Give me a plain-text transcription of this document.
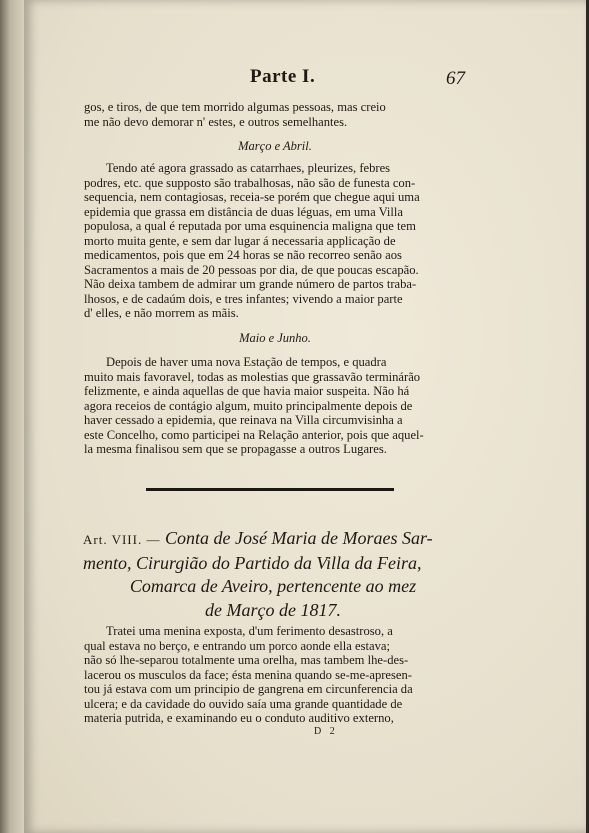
Parte I.	67

gos, e tiros, de que tem morrido algumas pessoas, mas creio

me não devo demorar n' estes, e outros semelhantes.

Março e Abril.

Tendo até agora grassado as catarrhaes, pleurizes, febres

podres, etc. que supposto são trabalhosas, não são de funesta con-

sequencia, nem contagiosas, receia-se porém que chegue aqui uma

epidemia que grassa em distância de duas léguas, em uma Villa

populosa, a qual é reputada por uma esquinencia maligna que tem

morto muita gente, e sem dar lugar á necessaria applicação de

medicamentos, pois que em 24 horas se não recorreo senão aos

Sacramentos a mais de 20 pessoas por dia, de que poucas escapão.

Não deixa tambem de admirar um grande número de partos traba-

lhosos, e de cadaúm dois, e tres infantes; vivendo a maior parte

d' elles, e não morrem as mãis.

Maio e Junho.

Depois de haver uma nova Estação de tempos, e quadra

muito mais favoravel, todas as molestias que grassavão terminárão

felizmente, e ainda aquellas de que havia maior suspeita. Não há

agora receios de contágio algum, muito principalmente depois de

haver cessado a epidemia, que reinava na Villa circumvisinha a

este Concelho, como participei na Relação anterior, pois que aquel-

la mesma finalisou sem que se propagasse a outros Lugares.

Art. VIII. — Conta de José Maria de Moraes Sar-
mento, Cirurgião do Partido da Villa da Feira,
Comarca de Aveiro, pertencente ao mez
de Março de 1817.

Tratei uma menina exposta, d'um ferimento desastroso, a

qual estava no berço, e entrando um porco aonde ella estava;

não só lhe-separou totalmente uma orelha, mas tambem lhe-des-

lacerou os musculos da face; ésta menina quando se-me-apresen-

tou já estava com um principio de gangrena em circunferencia da

ulcera; e da cavidade do ouvido saía uma grande quantidade de

materia putrida, e examinando eu o conduto auditivo externo,

D 2
